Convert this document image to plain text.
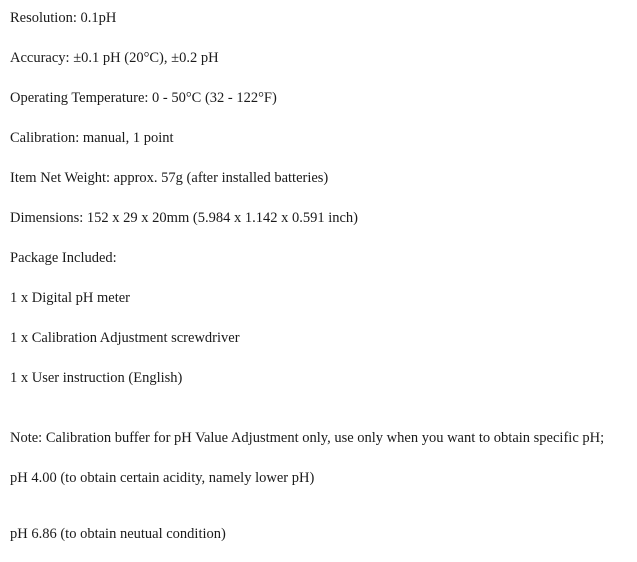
Resolution: 0.1pH
Accuracy: ±0.1 pH (20°C), ±0.2 pH
Operating Temperature: 0 - 50°C (32 - 122°F)
Calibration: manual, 1 point
Item Net Weight: approx. 57g (after installed batteries)
Dimensions: 152 x 29 x 20mm (5.984 x 1.142 x 0.591 inch)
Package Included:
1 x Digital pH meter
1 x Calibration Adjustment screwdriver
1 x User instruction (English)
Note: Calibration buffer for pH Value Adjustment only, use only when you want to obtain specific pH;
pH 4.00 (to obtain certain acidity, namely lower pH)
pH 6.86 (to obtain neutual condition)
